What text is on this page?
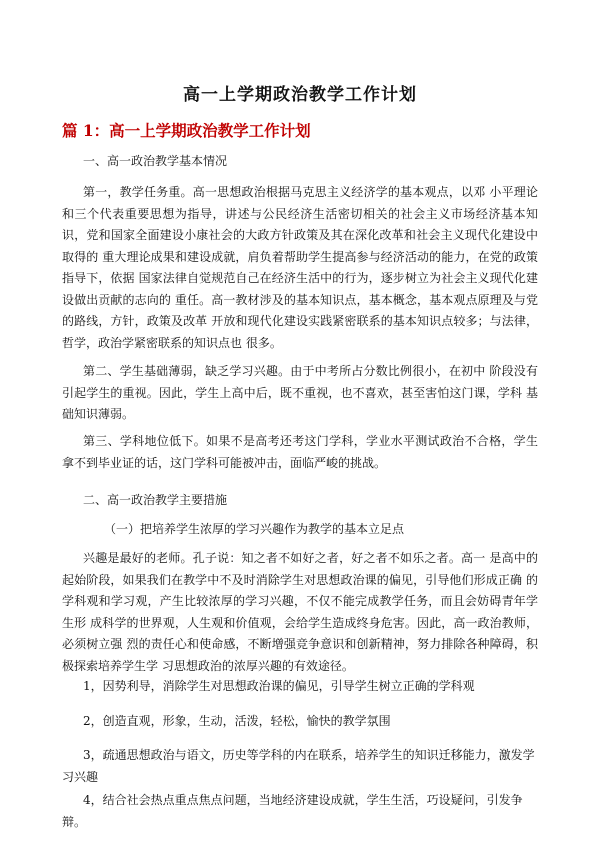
高一上学期政治教学工作计划
篇 1：高一上学期政治教学工作计划
一、高一政治教学基本情况
第一，教学任务重。高一思想政治根据马克思主义经济学的基本观点，以邓 小平理论和三个代表重要思想为指导，讲述与公民经济生活密切相关的社会主义市场经济基本知 识，党和国家全面建设小康社会的大政方针政策及其在深化改革和社会主义现代化建设中取得的 重大理论成果和建设成就，肩负着帮助学生提高参与经济活动的能力，在党的政策指导下，依据 国家法律自觉规范自己在经济生活中的行为，逐步树立为社会主义现代化建设做出贡献的志向的 重任。高一教材涉及的基本知识点，基本概念，基本观点原理及与党的路线，方针，政策及改革 开放和现代化建设实践紧密联系的基本知识点较多；与法律，哲学，政治学紧密联系的知识点也 很多。
第二、学生基础薄弱，缺乏学习兴趣。由于中考所占分数比例很小，在初中 阶段没有引起学生的重视。因此，学生上高中后，既不重视，也不喜欢，甚至害怕这门课，学科 基础知识薄弱。
第三、学科地位低下。如果不是高考还考这门学科，学业水平测试政治不合格，学生拿不到毕业证的话，这门学科可能被冲击，面临严峻的挑战。
二、高一政治教学主要措施
（一）把培养学生浓厚的学习兴趣作为教学的基本立足点
兴趣是最好的老师。孔子说：知之者不如好之者，好之者不如乐之者。高一 是高中的起始阶段，如果我们在教学中不及时消除学生对思想政治课的偏见，引导他们形成正确 的学科观和学习观，产生比较浓厚的学习兴趣，不仅不能完成教学任务，而且会妨碍青年学生形 成科学的世界观，人生观和价值观，会给学生造成终身危害。因此，高一政治教师，必须树立强 烈的责任心和使命感，不断增强竞争意识和创新精神，努力排除各种障碍，积极探索培养学生学 习思想政治的浓厚兴趣的有效途径。
1，因势利导，消除学生对思想政治课的偏见，引导学生树立正确的学科观
2，创造直观，形象，生动，活泼，轻松，愉快的教学氛围
3，疏通思想政治与语文，历史等学科的内在联系，培养学生的知识迁移能力，激发学习兴趣
4，结合社会热点重点焦点问题，当地经济建设成就，学生生活，巧设疑问，引发争辩。
